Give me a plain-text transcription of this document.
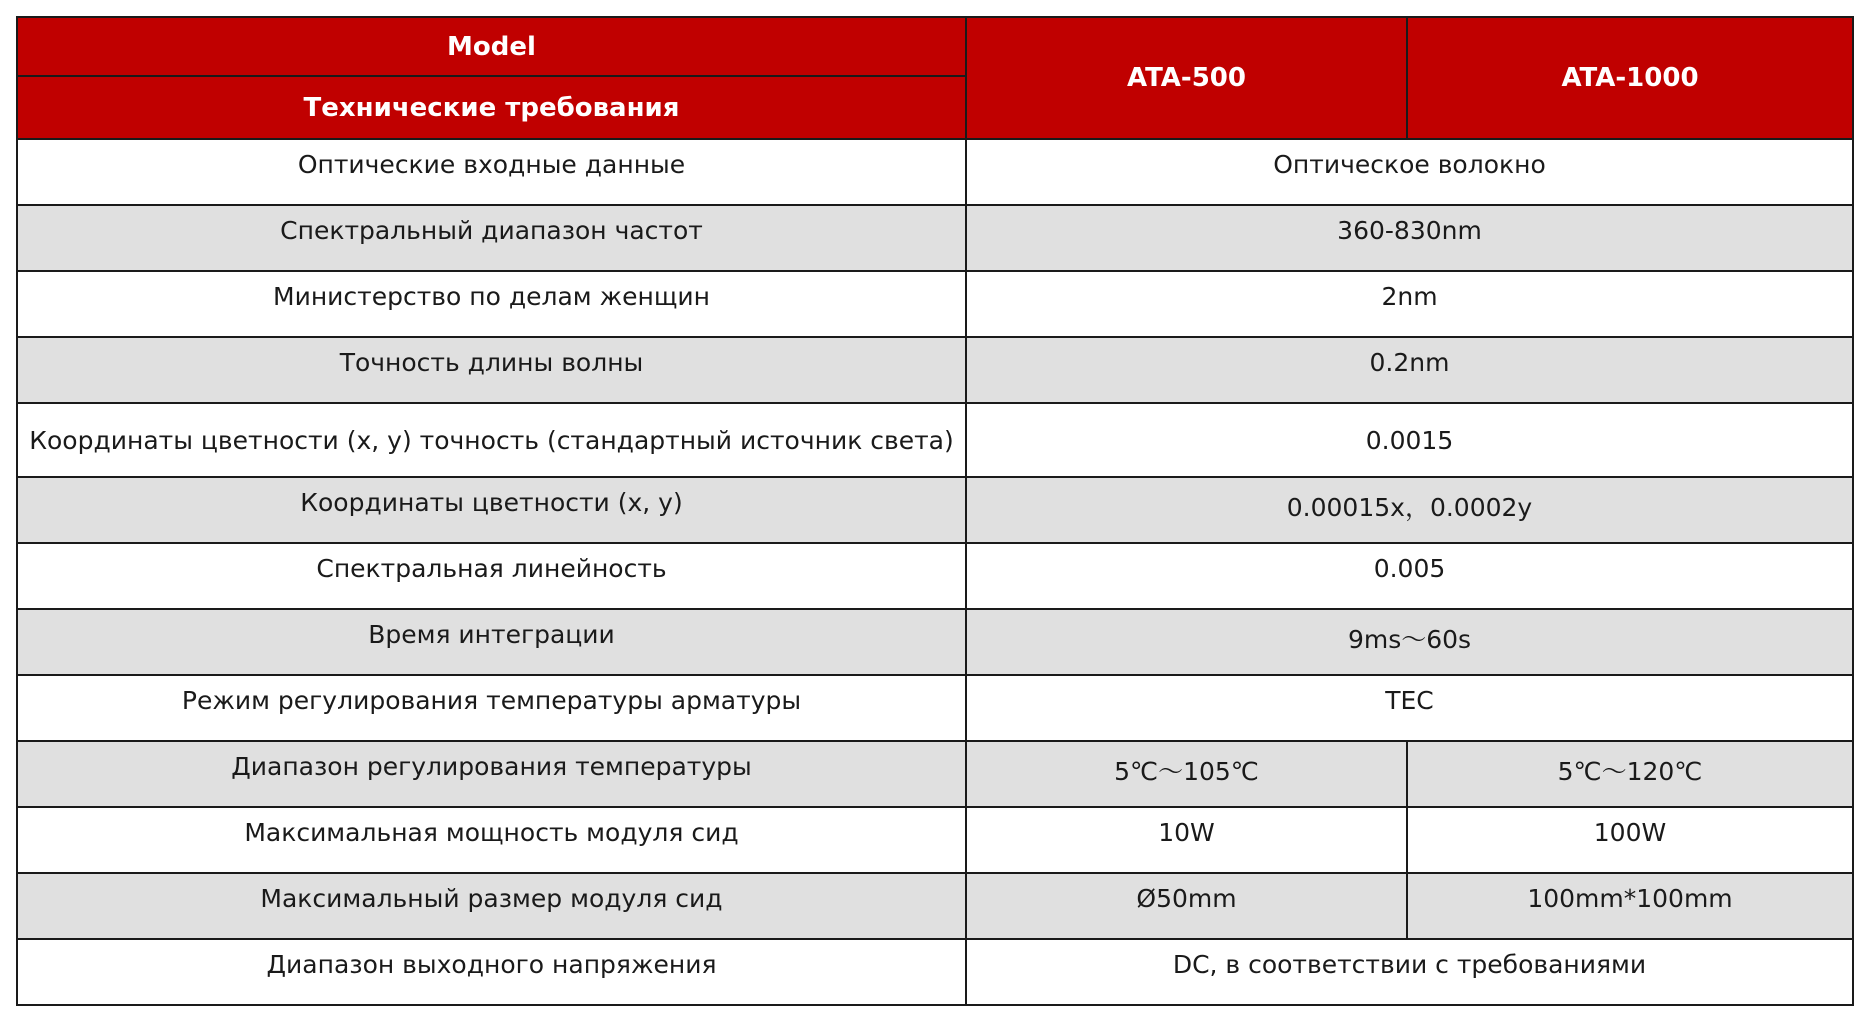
Model	ATA-500	ATA-1000
Технические требования		
Оптические входные данные	Оптическое волокно	
Спектральный диапазон частот	360-830nm	
Министерство по делам женщин	2nm	
Точность длины волны	0.2nm	
Координаты цветности (x, y) точность (стандартный источник света)	0.0015	
Координаты цветности (x, y)	0.00015x，0.0002y	
Спектральная линейность	0.005	
Время интеграции	9ms～60s	
Режим регулирования температуры арматуры	TEC	
Диапазон регулирования температуры	5℃～105℃	5℃～120℃
Максимальная мощность модуля сид	10W	100W
Максимальный размер модуля сид	Ø50mm	100mm*100mm
Диапазон выходного напряжения	DC, в соответствии с требованиями	
